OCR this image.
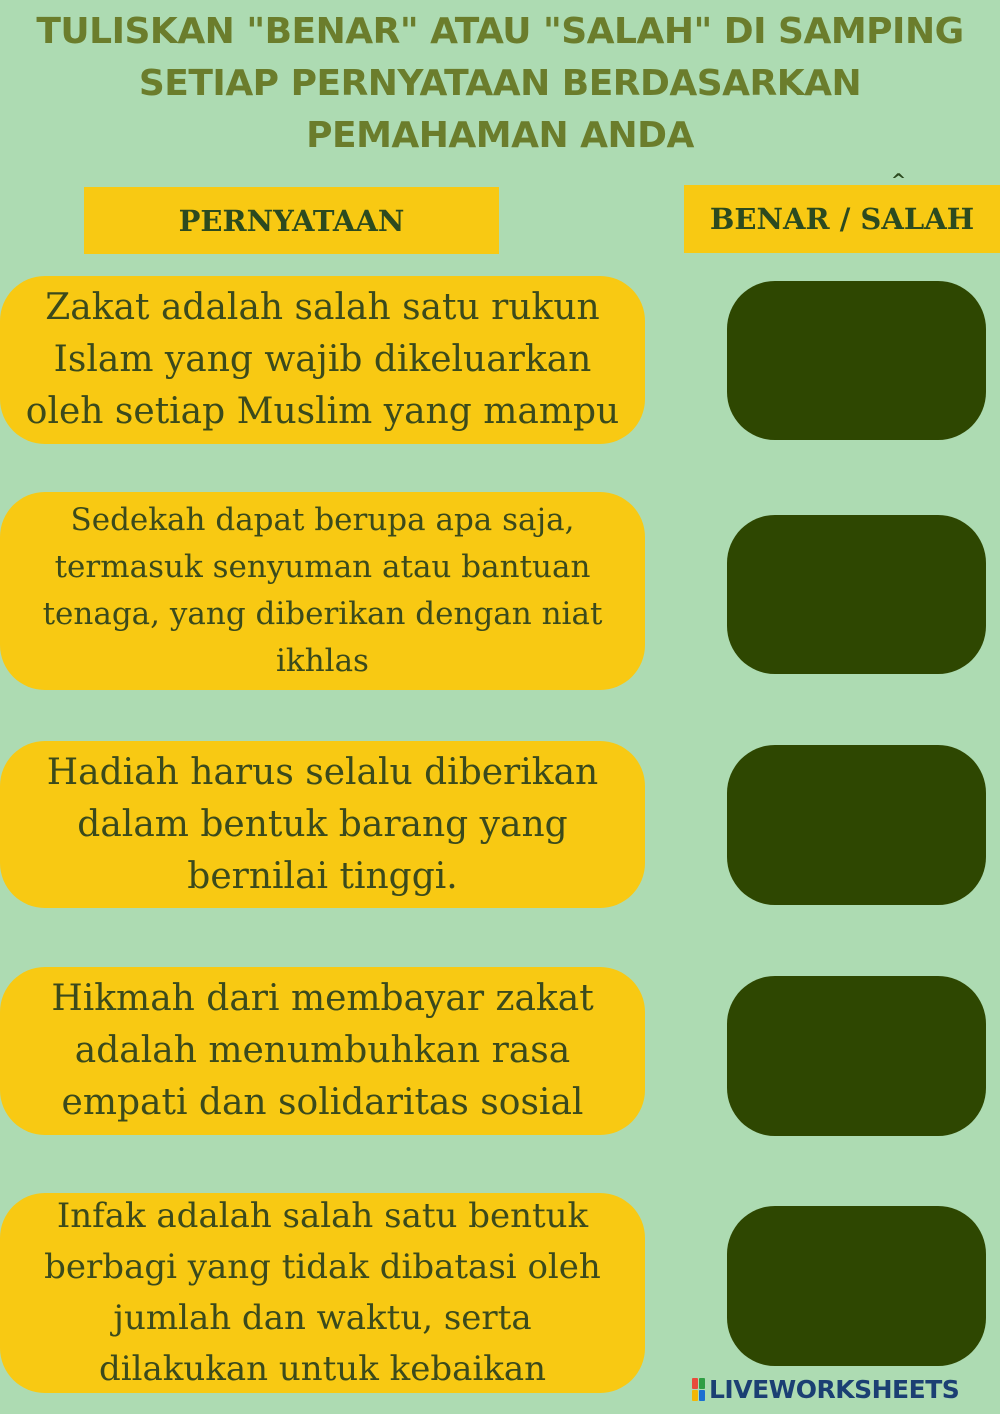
TULISKAN "BENAR" ATAU "SALAH" DI SAMPING
SETIAP PERNYATAAN BERDASARKAN
PEMAHAMAN ANDA
PERNYATAAN	BENAR / SALAH
^
Zakat adalah salah satu rukun
Islam yang wajib dikeluarkan
oleh setiap Muslim yang mampu
Sedekah dapat berupa apa saja,
termasuk senyuman atau bantuan
tenaga, yang diberikan dengan niat
ikhlas
Hadiah harus selalu diberikan
dalam bentuk barang yang
bernilai tinggi.
Hikmah dari membayar zakat
adalah menumbuhkan rasa
empati dan solidaritas sosial
Infak adalah salah satu bentuk
berbagi yang tidak dibatasi oleh
jumlah dan waktu, serta
dilakukan untuk kebaikan	LIVEWORKSHEETS
